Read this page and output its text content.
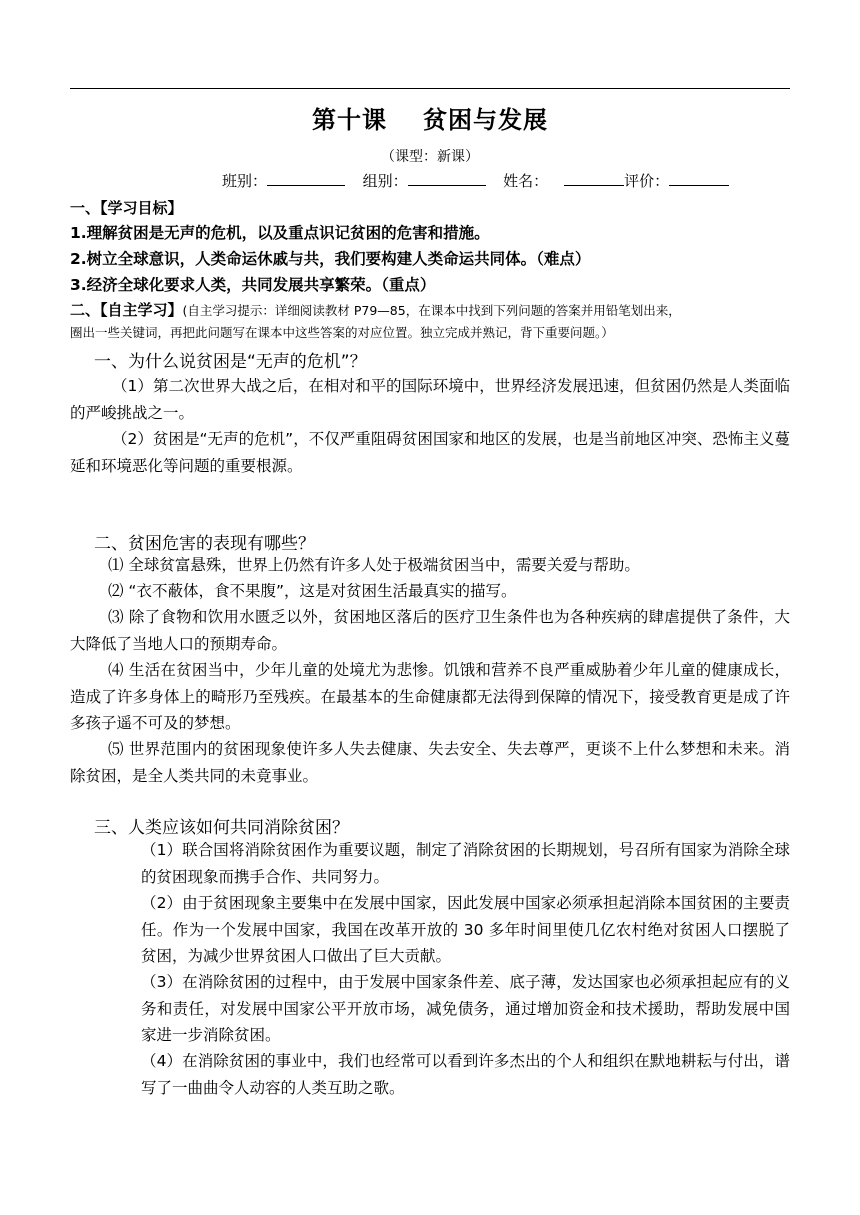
第十课 贫困与发展
（课型：新课）
班别：	组别：	姓名：	评价：
一、【学习目标】
1.理解贫困是无声的危机，以及重点识记贫困的危害和措施。
2.树立全球意识，人类命运休戚与共，我们要构建人类命运共同体。（难点）
3.经济全球化要求人类，共同发展共享繁荣。（重点）
二、【自主学习】(自主学习提示：详细阅读教材 P79—85，在课本中找到下列问题的答案并用铅笔划出来，
圈出一些关键词，再把此问题写在课本中这些答案的对应位置。独立完成并熟记，背下重要问题。）
一、为什么说贫困是“无声的危机”？
（1）第二次世界大战之后，在相对和平的国际环境中，世界经济发展迅速，但贫困仍然是人类面临的严峻挑战之一。
（2）贫困是“无声的危机”，不仅严重阻碍贫困国家和地区的发展，也是当前地区冲突、恐怖主义蔓延和环境恶化等问题的重要根源。
二、贫困危害的表现有哪些？
⑴ 全球贫富悬殊，世界上仍然有许多人处于极端贫困当中，需要关爱与帮助。
⑵ “衣不蔽体，食不果腹”，这是对贫困生活最真实的描写。
⑶ 除了食物和饮用水匮乏以外，贫困地区落后的医疗卫生条件也为各种疾病的肆虐提供了条件，大大降低了当地人口的预期寿命。
⑷ 生活在贫困当中，少年儿童的处境尤为悲惨。饥饿和营养不良严重威胁着少年儿童的健康成长，造成了许多身体上的畸形乃至残疾。在最基本的生命健康都无法得到保障的情况下，接受教育更是成了许多孩子遥不可及的梦想。
⑸ 世界范围内的贫困现象使许多人失去健康、失去安全、失去尊严，更谈不上什么梦想和未来。消除贫困，是全人类共同的未竟事业。
三、人类应该如何共同消除贫困？
（1）联合国将消除贫困作为重要议题，制定了消除贫困的长期规划，号召所有国家为消除全球的贫困现象而携手合作、共同努力。
（2）由于贫困现象主要集中在发展中国家，因此发展中国家必须承担起消除本国贫困的主要责任。作为一个发展中国家，我国在改革开放的 30 多年时间里使几亿农村绝对贫困人口摆脱了贫困，为减少世界贫困人口做出了巨大贡献。
（3）在消除贫困的过程中，由于发展中国家条件差、底子薄，发达国家也必须承担起应有的义务和责任，对发展中国家公平开放市场，减免债务，通过增加资金和技术援助，帮助发展中国家进一步消除贫困。
（4）在消除贫困的事业中，我们也经常可以看到许多杰出的个人和组织在默地耕耘与付出，谱写了一曲曲令人动容的人类互助之歌。
